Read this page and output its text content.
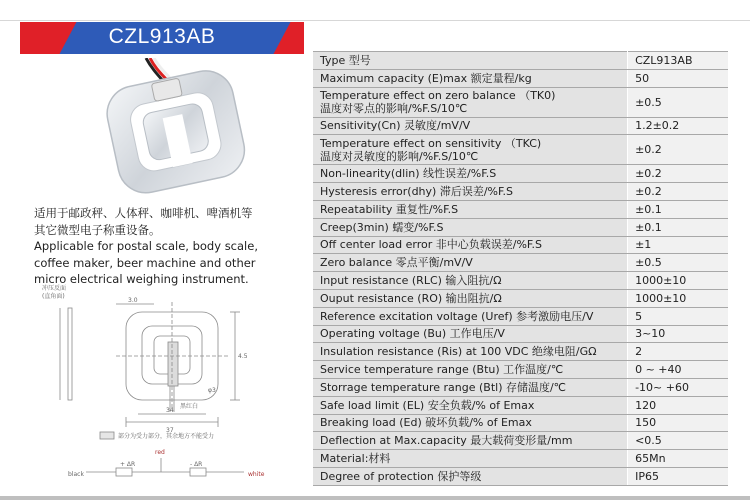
CZL913AB
适用于邮政秤、人体秤、咖啡机、啤酒机等
其它微型电子称重设备。
Applicable for postal scale, body scale,
coffee maker, beer machine and other
micro electrical weighing instrument.
冲压反面
(直角面)
3.0
37
34
4.5
φ3
黑红白
部分为受力部分，其余地方不能受力
red
black
+ ΔR	- ΔR
white
Type 型号	CZL913AB

Maximum capacity (E)max 额定量程/kg	50

Temperature effect on zero balance （TK0)
温度对零点的影响/%F.S/10℃	±0.5

Sensitivity(Cn) 灵敏度/mV/V	1.2±0.2

Temperature effect on sensitivity （TKC)
温度对灵敏度的影响/%F.S/10℃	±0.2

Non-linearity(dlin) 线性误差/%F.S	±0.2

Hysteresis error(dhy) 滞后误差/%F.S	±0.2

Repeatability 重复性/%F.S	±0.1

Creep(3min) 蠕变/%F.S	±0.1

Off center load error 非中心负载误差/%F.S	±1

Zero balance 零点平衡/mV/V	±0.5

Input resistance (RLC) 输入阻抗/Ω	1000±10

Ouput resistance (RO) 输出阻抗/Ω	1000±10

Reference excitation voltage (Uref) 参考激励电压/V	5

Operating voltage (Bu) 工作电压/V	3~10

Insulation resistance (Ris) at 100 VDC 绝缘电阻/GΩ	2

Service temperature range (Btu) 工作温度/℃	0 ~ +40

Storrage temperature range (Btl) 存储温度/℃	-10~ +60

Safe load limit (EL) 安全负载/% of Emax	120

Breaking load (Ed) 破坏负载/% of Emax	150

Deflection at Max.capacity 最大载荷变形量/mm	<0.5

Material:材料	65Mn

Degree of protection 保护等级	IP65
